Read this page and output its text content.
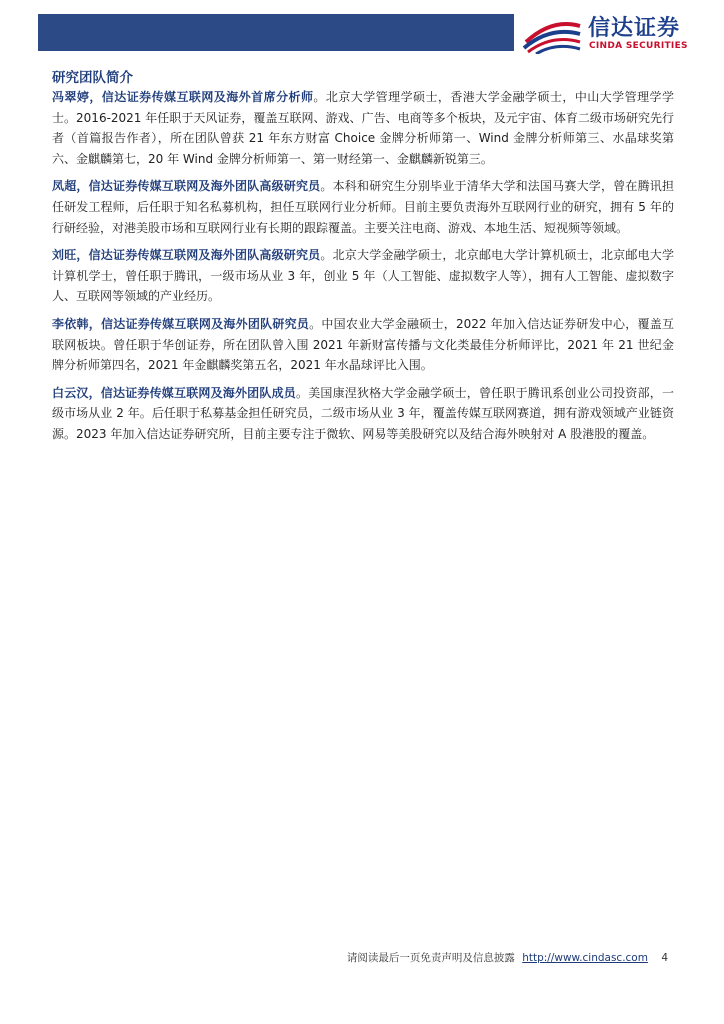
信达证券
CINDA SECURITIES
研究团队简介

冯翠婷，信达证券传媒互联网及海外首席分析师。北京大学管理学硕士，香港大学金融学硕士，中山大学管理学学士。2016-2021 年任职于天风证券，覆盖互联网、游戏、广告、电商等多个板块，及元宇宙、体育二级市场研究先行者（首篇报告作者），所在团队曾获 21 年东方财富 Choice 金牌分析师第一、Wind 金牌分析师第三、水晶球奖第六、金麒麟第七，20 年 Wind 金牌分析师第一、第一财经第一、金麒麟新锐第三。

凤超，信达证券传媒互联网及海外团队高级研究员。本科和研究生分别毕业于清华大学和法国马赛大学，曾在腾讯担任研发工程师，后任职于知名私募机构，担任互联网行业分析师。目前主要负责海外互联网行业的研究，拥有 5 年的行研经验，对港美股市场和互联网行业有长期的跟踪覆盖。主要关注电商、游戏、本地生活、短视频等领域。

刘旺，信达证券传媒互联网及海外团队高级研究员。北京大学金融学硕士，北京邮电大学计算机硕士，北京邮电大学计算机学士，曾任职于腾讯，一级市场从业 3 年，创业 5 年（人工智能、虚拟数字人等），拥有人工智能、虚拟数字人、互联网等领域的产业经历。

李依韩，信达证券传媒互联网及海外团队研究员。中国农业大学金融硕士，2022 年加入信达证券研发中心，覆盖互联网板块。曾任职于华创证券，所在团队曾入围 2021 年新财富传播与文化类最佳分析师评比，2021 年 21 世纪金牌分析师第四名，2021 年金麒麟奖第五名，2021 年水晶球评比入围。

白云汉，信达证券传媒互联网及海外团队成员。美国康涅狄格大学金融学硕士，曾任职于腾讯系创业公司投资部，一级市场从业 2 年。后任职于私募基金担任研究员，二级市场从业 3 年，覆盖传媒互联网赛道，拥有游戏领域产业链资源。2023 年加入信达证券研究所，目前主要专注于微软、网易等美股研究以及结合海外映射对 A 股港股的覆盖。

请阅读最后一页免责声明及信息披露 http://www.cindasc.com 4
